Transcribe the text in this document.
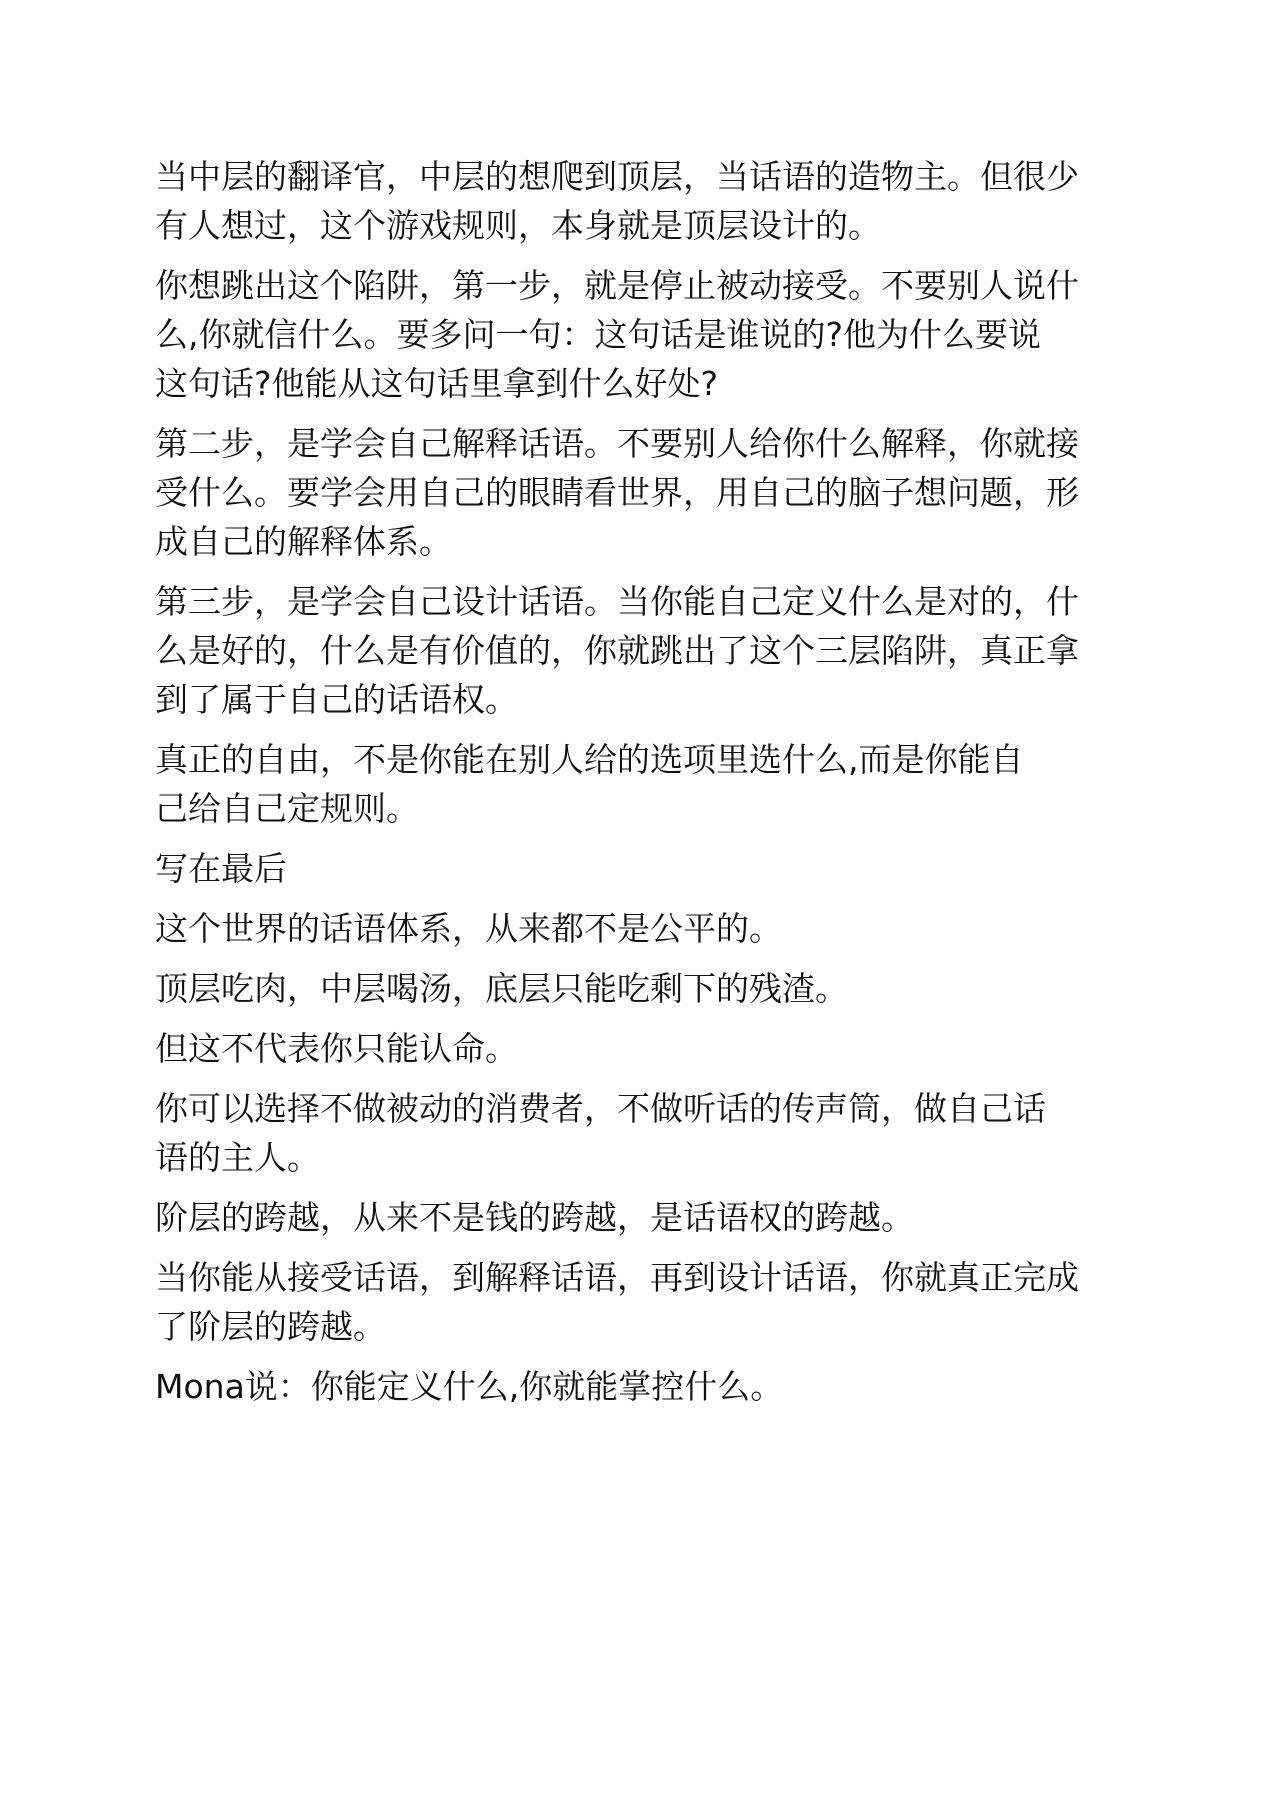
当中层的翻译官，中层的想爬到顶层，当话语的造物主。但很少
有人想过，这个游戏规则，本身就是顶层设计的。

你想跳出这个陷阱，第一步，就是停止被动接受。不要别人说什
么,你就信什么。要多问一句：这句话是谁说的?他为什么要说
这句话?他能从这句话里拿到什么好处?

第二步，是学会自己解释话语。不要别人给你什么解释，你就接
受什么。要学会用自己的眼睛看世界，用自己的脑子想问题，形
成自己的解释体系。

第三步，是学会自己设计话语。当你能自己定义什么是对的，什
么是好的，什么是有价值的，你就跳出了这个三层陷阱，真正拿
到了属于自己的话语权。

真正的自由，不是你能在别人给的选项里选什么,而是你能自
己给自己定规则。

写在最后

这个世界的话语体系，从来都不是公平的。

顶层吃肉，中层喝汤，底层只能吃剩下的残渣。

但这不代表你只能认命。

你可以选择不做被动的消费者，不做听话的传声筒，做自己话
语的主人。

阶层的跨越，从来不是钱的跨越，是话语权的跨越。

当你能从接受话语，到解释话语，再到设计话语，你就真正完成
了阶层的跨越。

Mona说：你能定义什么,你就能掌控什么。
